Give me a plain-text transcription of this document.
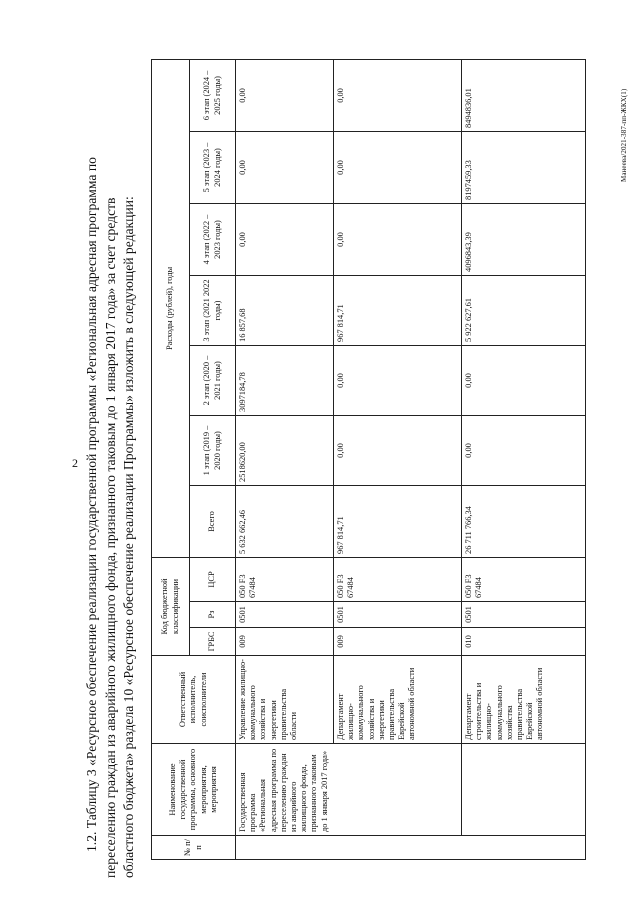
2
Манеева/2021-387-пп-ЖКХ(1)
1.2. Таблицу 3 «Ресурсное обеспечение реализации государственной программы «Региональная адресная программа по переселению граждан из аварийного жилищного фонда, признанного таковым до 1 января 2017 года» за счет средств областного бюджета» раздела 10 «Ресурсное обеспечение реализации Программы» изложить в следующей редакции:	№ п/п	Наименование государственной программы, основного мероприятия, мероприятия	Ответственный исполнитель, соисполнители	Код бюджетной классификации			Расходы (рублей), годы						
			ГРБС	Рз	ЦСР	Всего	1 этап (2019 – 2020 годы)	2 этап (2020 – 2021 годы)	3 этап (2021 2022 годы)	4 этап (2022 – 2023 годы)	5 этап (2023 – 2024 годы)	6 этап (2024 – 2025 годы)

	Государственная программа «Региональная адресная программа по переселению граждан из аварийного жилищного фонда, признанного таковым до 1 января 2017 года»	Управление жилищно-коммунального хозяйства и энергетики правительства области	009	0501	050 F3 67484	5 632 662,46	2518620,00	3097184,78	16 857,68	0,00	0,00	0,00
		Департамент жилищно-коммунального хозяйства и энергетики правительства Еврейской автономной области	009	0501	050 F3 67484	967 814,71	0,00	0,00	967 814,71	0,00	0,00	0,00
		Департамент строительства и жилищно-коммунального хозяйства правительства Еврейской автономной области	010	0501	050 F3 67484	26 711 766,34	0,00	0,00	5 922 627,61	4096843,39	8197459,33	8494836,01
